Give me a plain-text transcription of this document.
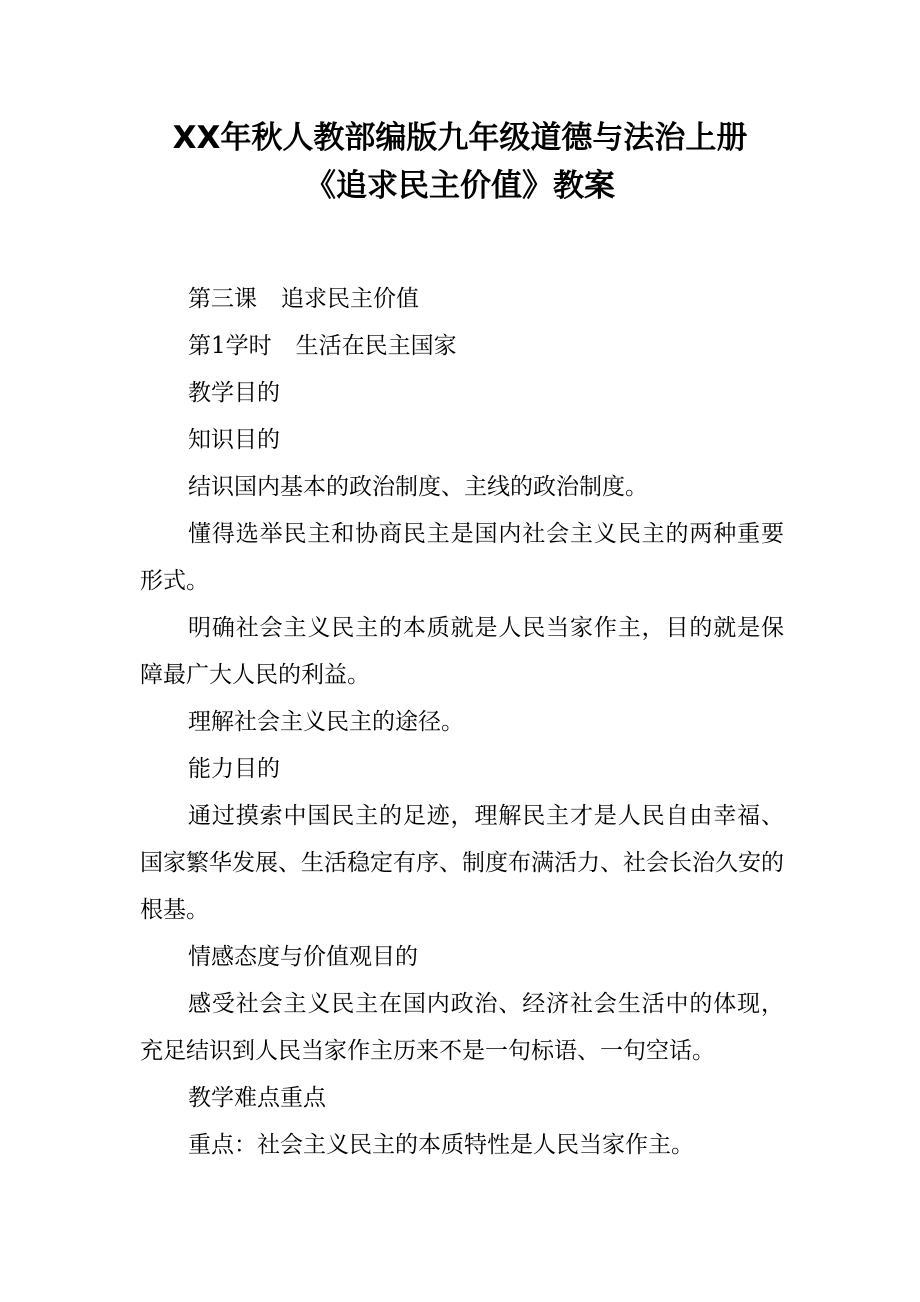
XX年秋人教部编版九年级道德与法治上册
《追求民主价值》教案

第三课 追求民主价值

第1学时 生活在民主国家

教学目的

知识目的

结识国内基本的政治制度、主线的政治制度。

懂得选举民主和协商民主是国内社会主义民主的两种重要形式。

明确社会主义民主的本质就是人民当家作主，目的就是保障最广大人民的利益。

理解社会主义民主的途径。

能力目的

通过摸索中国民主的足迹，理解民主才是人民自由幸福、国家繁华发展、生活稳定有序、制度布满活力、社会长治久安的根基。

情感态度与价值观目的

感受社会主义民主在国内政治、经济社会生活中的体现，充足结识到人民当家作主历来不是一句标语、一句空话。

教学难点重点

重点：社会主义民主的本质特性是人民当家作主。
